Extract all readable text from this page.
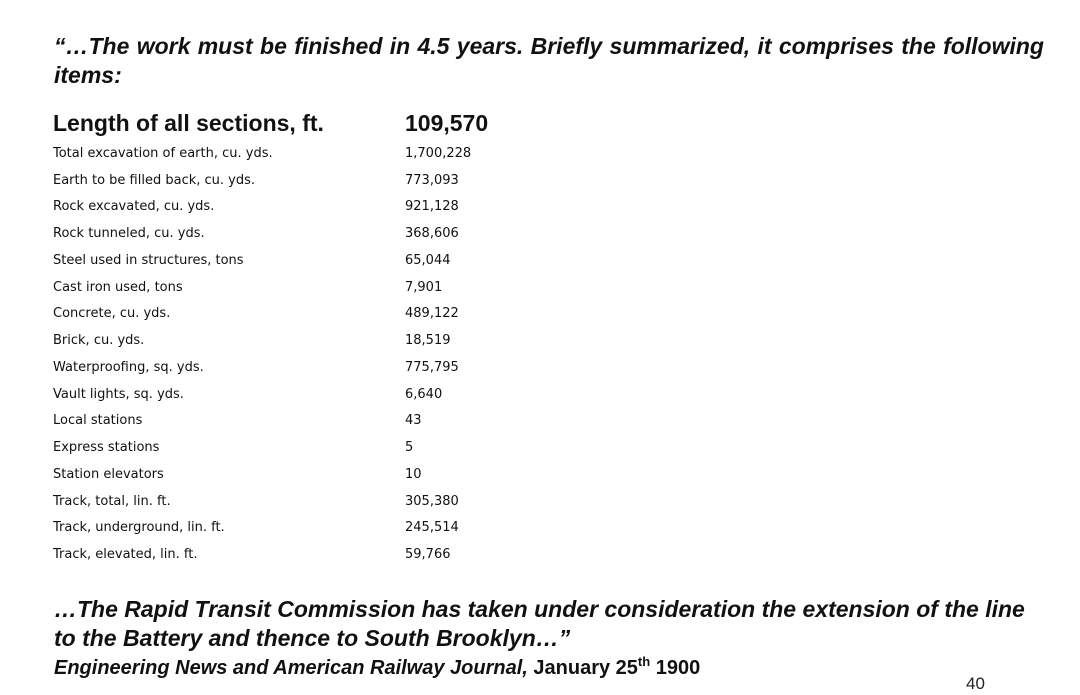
“…The work must be finished in 4.5 years. Briefly summarized, it comprises the following items:

Length of all sections, ft.	109,570
Total excavation of earth, cu. yds.	1,700,228
Earth to be filled back, cu. yds.	773,093
Rock excavated, cu. yds.	921,128
Rock tunneled, cu. yds.	368,606
Steel used in structures, tons	65,044
Cast iron used, tons	7,901
Concrete, cu. yds.	489,122
Brick, cu. yds.	18,519
Waterproofing, sq. yds.	775,795
Vault lights, sq. yds.	6,640
Local stations	43
Express stations	5
Station elevators	10
Track, total, lin. ft.	305,380
Track, underground, lin. ft.	245,514
Track, elevated, lin. ft.	59,766

…The Rapid Transit Commission has taken under consideration the extension of the line to the Battery and thence to South Brooklyn…”

Engineering News and American Railway Journal, January 25th 1900
40
